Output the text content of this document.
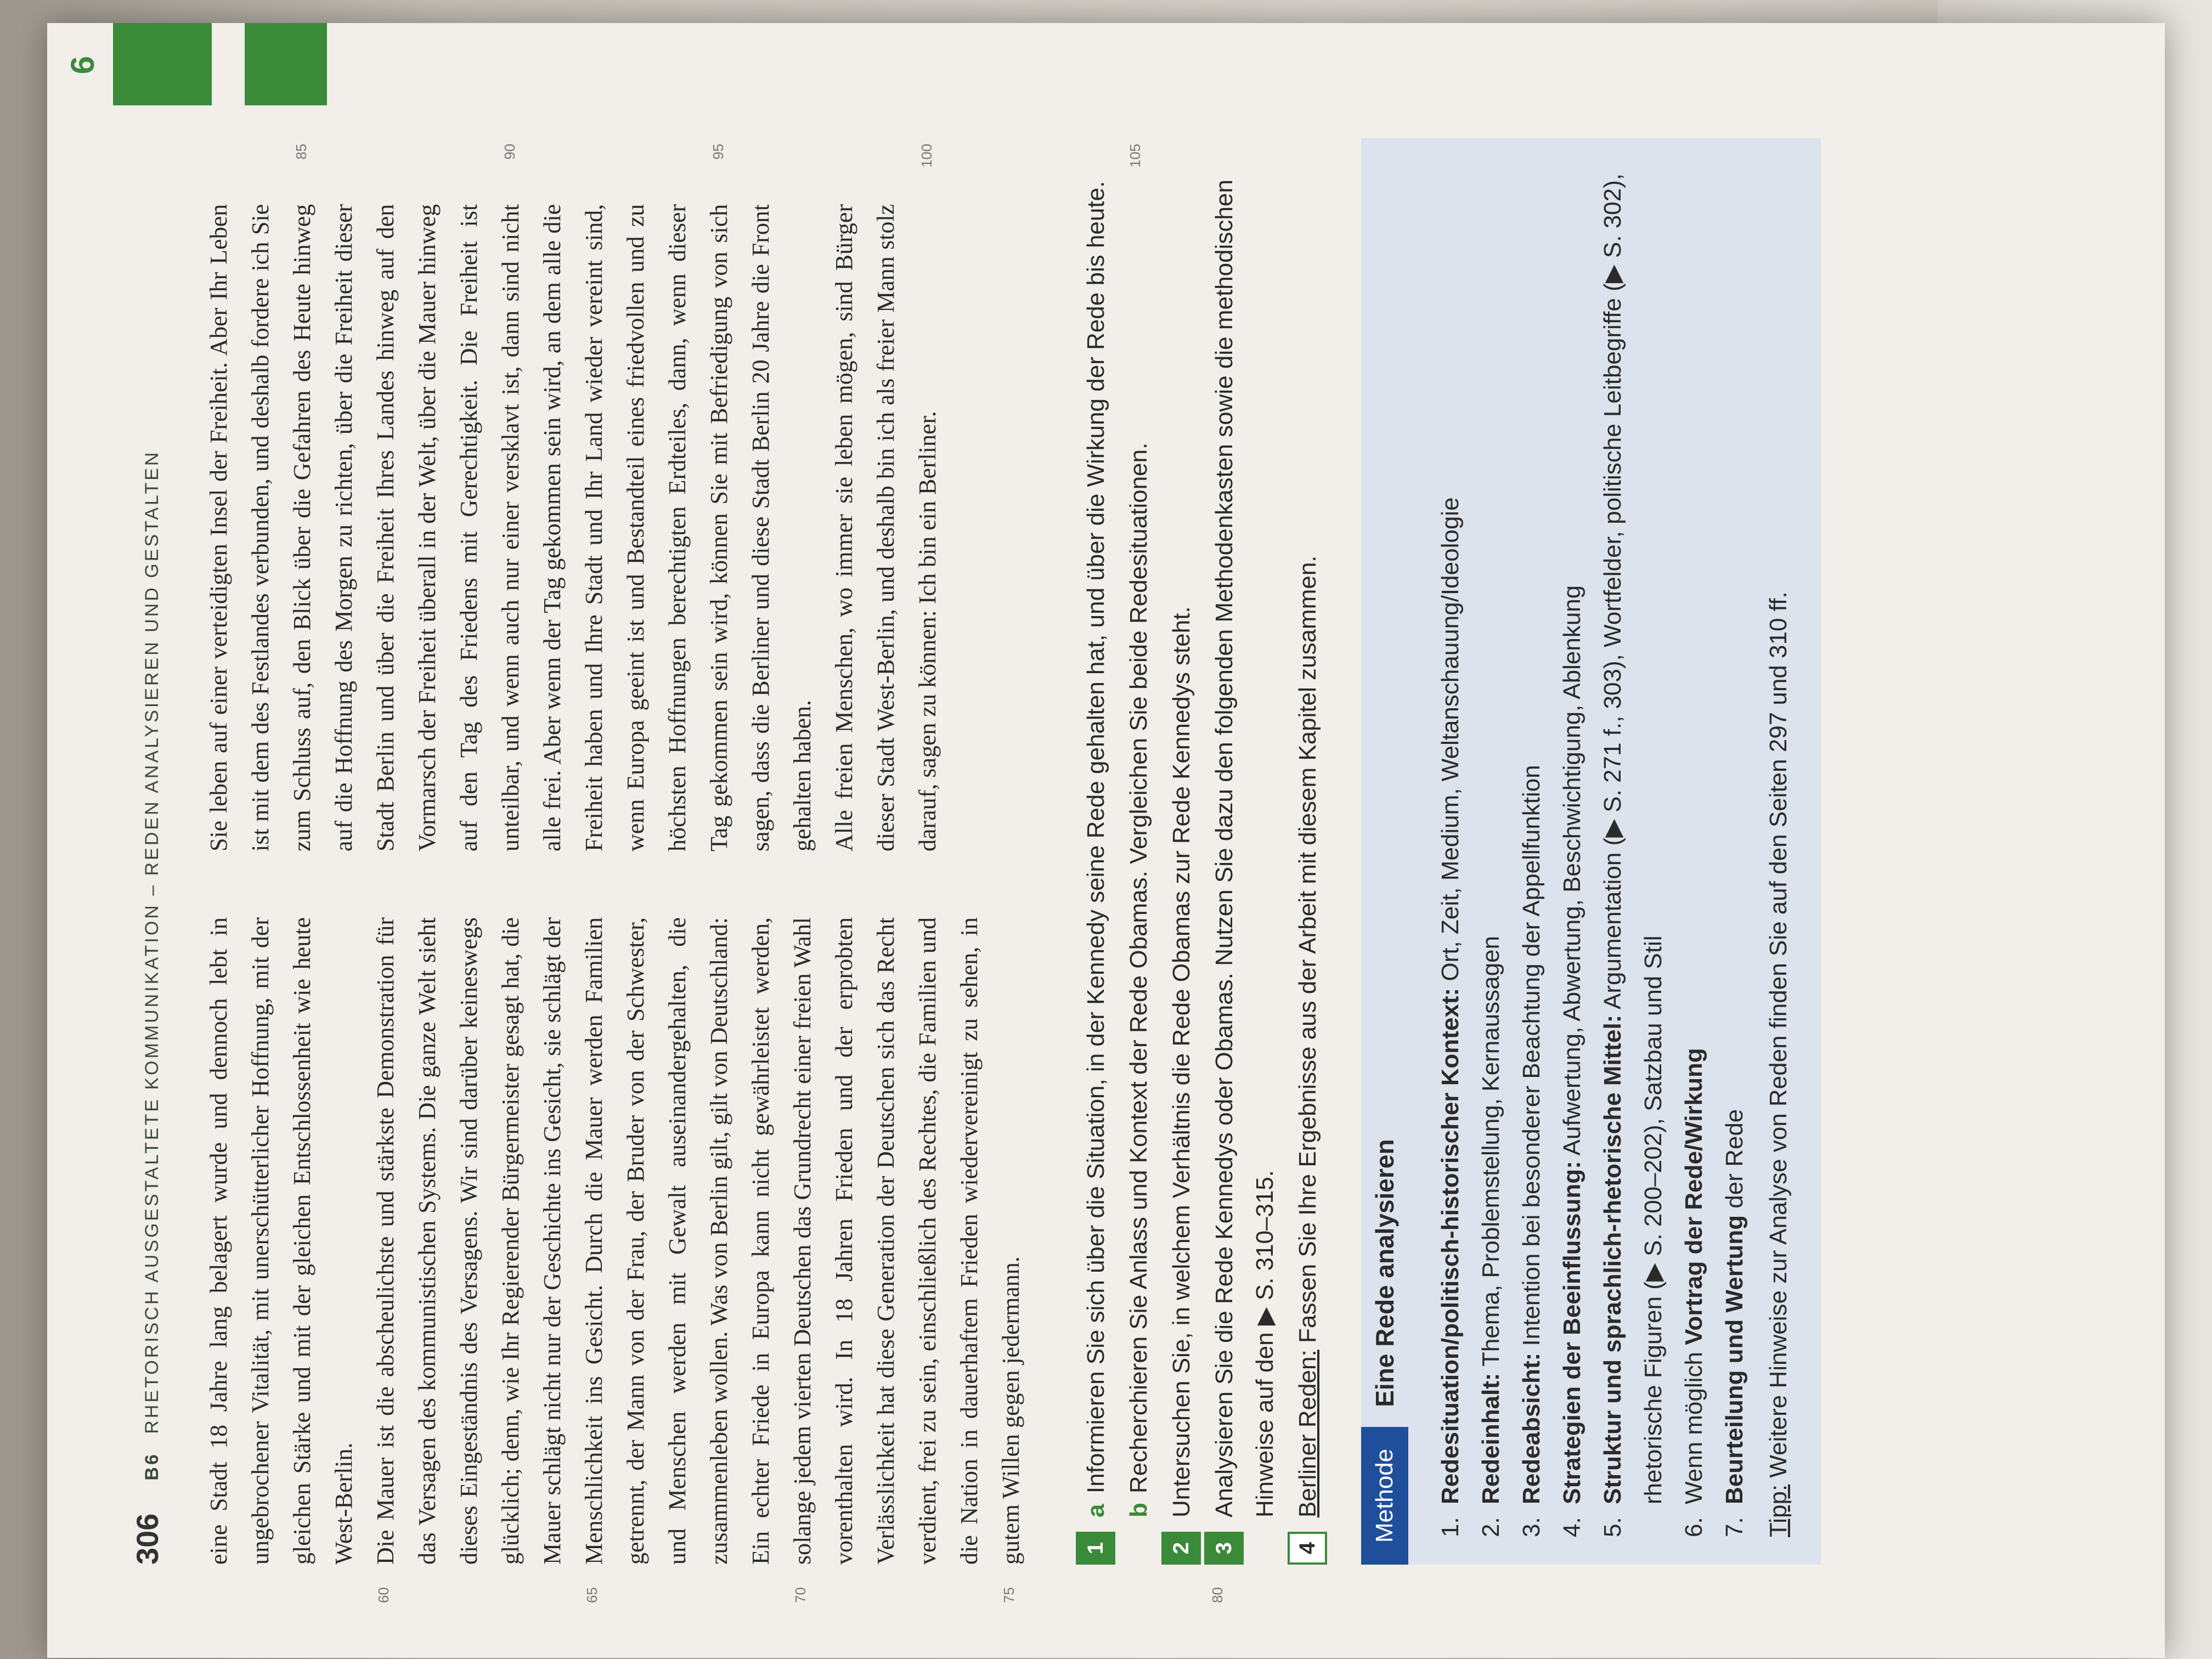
6
306
B6 RHETORISCH AUSGESTALTETE KOMMUNIKATION – REDEN ANALYSIEREN UND GESTALTEN
60	65	70	75	80

eine Stadt 18 Jahre lang belagert wurde und dennoch lebt in ungebrochener Vitalität, mit unerschütterlicher Hoffnung, mit der gleichen Stärke und mit der gleichen Entschlossenheit wie heute West-Berlin. Die Mauer ist die abscheulichste und stärkste Demonstration für das Versagen des kommunistischen Systems. Die ganze Welt sieht dieses Eingeständnis des Versagens. Wir sind darüber keineswegs glücklich; denn, wie Ihr Regierender Bürgermeister gesagt hat, die Mauer schlägt nicht nur der Geschichte ins Gesicht, sie schlägt der Menschlichkeit ins Gesicht. Durch die Mauer werden Familien getrennt, der Mann von der Frau, der Bruder von der Schwester, und Menschen werden mit Gewalt auseinandergehalten, die zusammenleben wollen. Was von Berlin gilt, gilt von Deutschland: Ein echter Friede in Europa kann nicht gewährleistet werden, solange jedem vierten Deutschen das Grundrecht einer freien Wahl vorenthalten wird. In 18 Jahren Frieden und der erprobten Verlässlichkeit hat diese Generation der Deutschen sich das Recht verdient, frei zu sein, einschließlich des Rechtes, die Familien und die Nation in dauerhaftem Frieden wiedervereinigt zu sehen, in gutem Willen gegen jedermann.

85	90	95	100	105

Sie leben auf einer verteidigten Insel der Freiheit. Aber Ihr Leben ist mit dem des Festlandes verbunden, und deshalb fordere ich Sie zum Schluss auf, den Blick über die Gefahren des Heute hinweg auf die Hoffnung des Morgen zu richten, über die Freiheit dieser Stadt Berlin und über die Freiheit Ihres Landes hinweg auf den Vormarsch der Freiheit überall in der Welt, über die Mauer hinweg auf den Tag des Friedens mit Gerechtigkeit. Die Freiheit ist unteilbar, und wenn auch nur einer versklavt ist, dann sind nicht alle frei. Aber wenn der Tag gekommen sein wird, an dem alle die Freiheit haben und Ihre Stadt und Ihr Land wieder vereint sind, wenn Europa geeint ist und Bestandteil eines friedvollen und zu höchsten Hoffnungen berechtigten Erdteiles, dann, wenn dieser Tag gekommen sein wird, können Sie mit Befriedigung von sich sagen, dass die Berliner und diese Stadt Berlin 20 Jahre die Front gehalten haben. Alle freien Menschen, wo immer sie leben mögen, sind Bürger dieser Stadt West-Berlin, und deshalb bin ich als freier Mann stolz darauf, sagen zu können: Ich bin ein Berliner.

1
a
Informieren Sie sich über die Situation, in der Kennedy seine Rede gehalten hat, und über die Wirkung der Rede bis heute.
b
Recherchieren Sie Anlass und Kontext der Rede Obamas. Vergleichen Sie beide Redesituationen.
2
Untersuchen Sie, in welchem Verhältnis die Rede Obamas zur Rede Kennedys steht.
3
Analysieren Sie die Rede Kennedys oder Obamas. Nutzen Sie dazu den folgenden Methodenkasten sowie die methodischen Hinweise auf den ▶ S. 310–315.
4
Berliner Reden: Fassen Sie Ihre Ergebnisse aus der Arbeit mit diesem Kapitel zusammen.
Methode
Eine Rede analysieren
1.
Redesituation/politisch-historischer Kontext: Ort, Zeit, Medium, Weltanschauung/Ideologie
2.
Redeinhalt: Thema, Problemstellung, Kernaussagen
3.
Redeabsicht: Intention bei besonderer Beachtung der Appellfunktion
4.
Strategien der Beeinflussung: Aufwertung, Abwertung, Beschwichtigung, Ablenkung
5.
Struktur und sprachlich-rhetorische Mittel: Argumentation (▶ S. 271 f., 303), Wortfelder, politische Leitbegriffe (▶ S. 302), rhetorische Figuren (▶ S. 200–202), Satzbau und Stil
6.
Wenn möglich Vortrag der Rede/Wirkung
7.
Beurteilung und Wertung der Rede
Tipp: Weitere Hinweise zur Analyse von Reden finden Sie auf den Seiten 297 und 310 ff.
